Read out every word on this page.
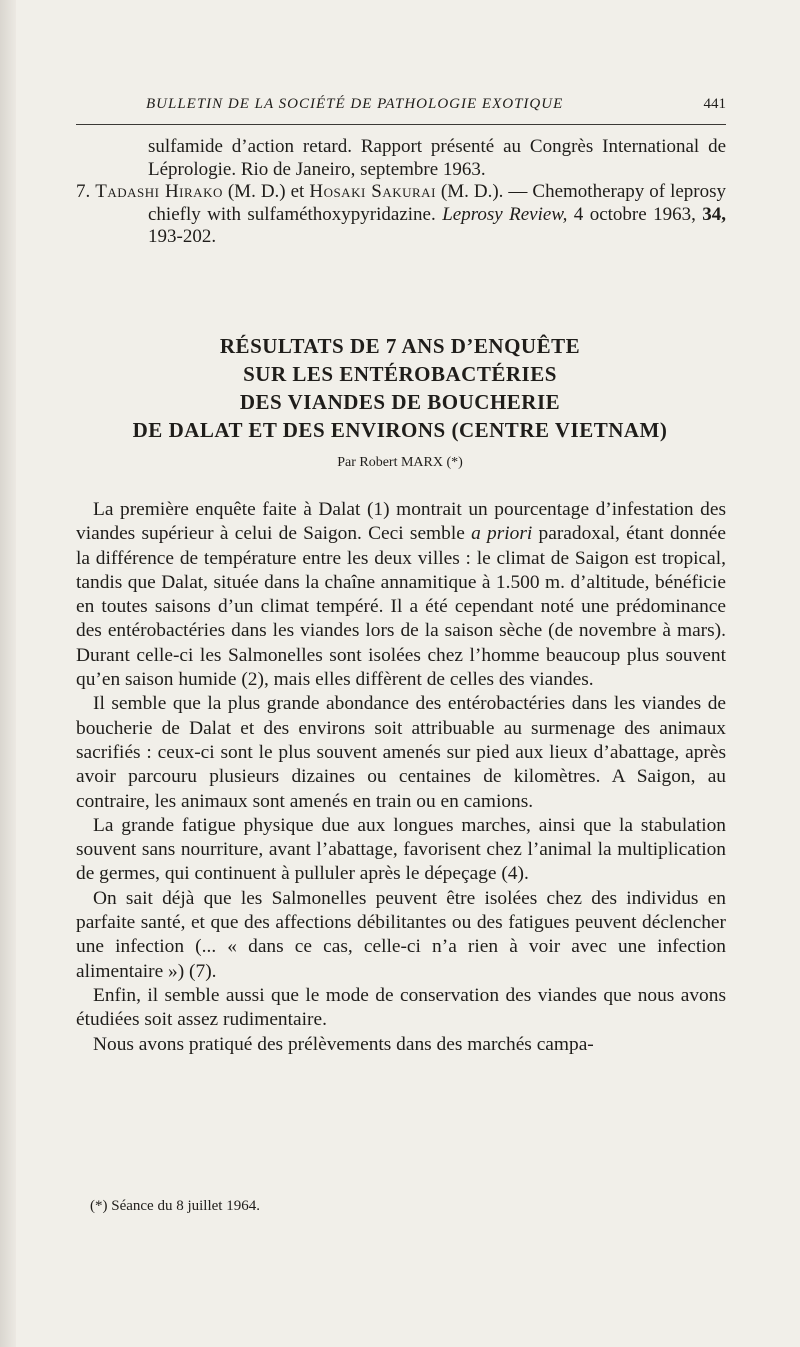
BULLETIN DE LA SOCIÉTÉ DE PATHOLOGIE EXOTIQUE	441
sulfamide d’action retard. Rapport présenté au Congrès International de Léprologie. Rio de Janeiro, septembre 1963.
7. Tadashi Hirako (M. D.) et Hosaki Sakurai (M. D.). — Chemotherapy of leprosy chiefly with sulfaméthoxypyridazine. Leprosy Review, 4 octobre 1963, 34, 193-202.
RÉSULTATS DE 7 ANS D’ENQUÊTE
SUR LES ENTÉROBACTÉRIES
DES VIANDES DE BOUCHERIE
DE DALAT ET DES ENVIRONS (CENTRE VIETNAM)
Par Robert MARX (*)

La première enquête faite à Dalat (1) montrait un pourcentage d’infestation des viandes supérieur à celui de Saigon. Ceci semble a priori paradoxal, étant donnée la différence de température entre les deux villes : le climat de Saigon est tropical, tandis que Dalat, située dans la chaîne annamitique à 1.500 m. d’altitude, bénéficie en toutes saisons d’un climat tempéré. Il a été cependant noté une prédominance des entérobactéries dans les viandes lors de la saison sèche (de novembre à mars). Durant celle-ci les Salmonelles sont isolées chez l’homme beaucoup plus souvent qu’en saison humide (2), mais elles diffèrent de celles des viandes.

Il semble que la plus grande abondance des entérobactéries dans les viandes de boucherie de Dalat et des environs soit attribuable au surmenage des animaux sacrifiés : ceux-ci sont le plus souvent amenés sur pied aux lieux d’abattage, après avoir parcouru plusieurs dizaines ou centaines de kilomètres. A Saigon, au contraire, les animaux sont amenés en train ou en camions.

La grande fatigue physique due aux longues marches, ainsi que la stabulation souvent sans nourriture, avant l’abattage, favorisent chez l’animal la multiplication de germes, qui continuent à pulluler après le dépeçage (4).

On sait déjà que les Salmonelles peuvent être isolées chez des individus en parfaite santé, et que des affections débilitantes ou des fatigues peuvent déclencher une infection (... « dans ce cas, celle-ci n’a rien à voir avec une infection alimentaire ») (7).

Enfin, il semble aussi que le mode de conservation des viandes que nous avons étudiées soit assez rudimentaire.

Nous avons pratiqué des prélèvements dans des marchés campa-

(*) Séance du 8 juillet 1964.
